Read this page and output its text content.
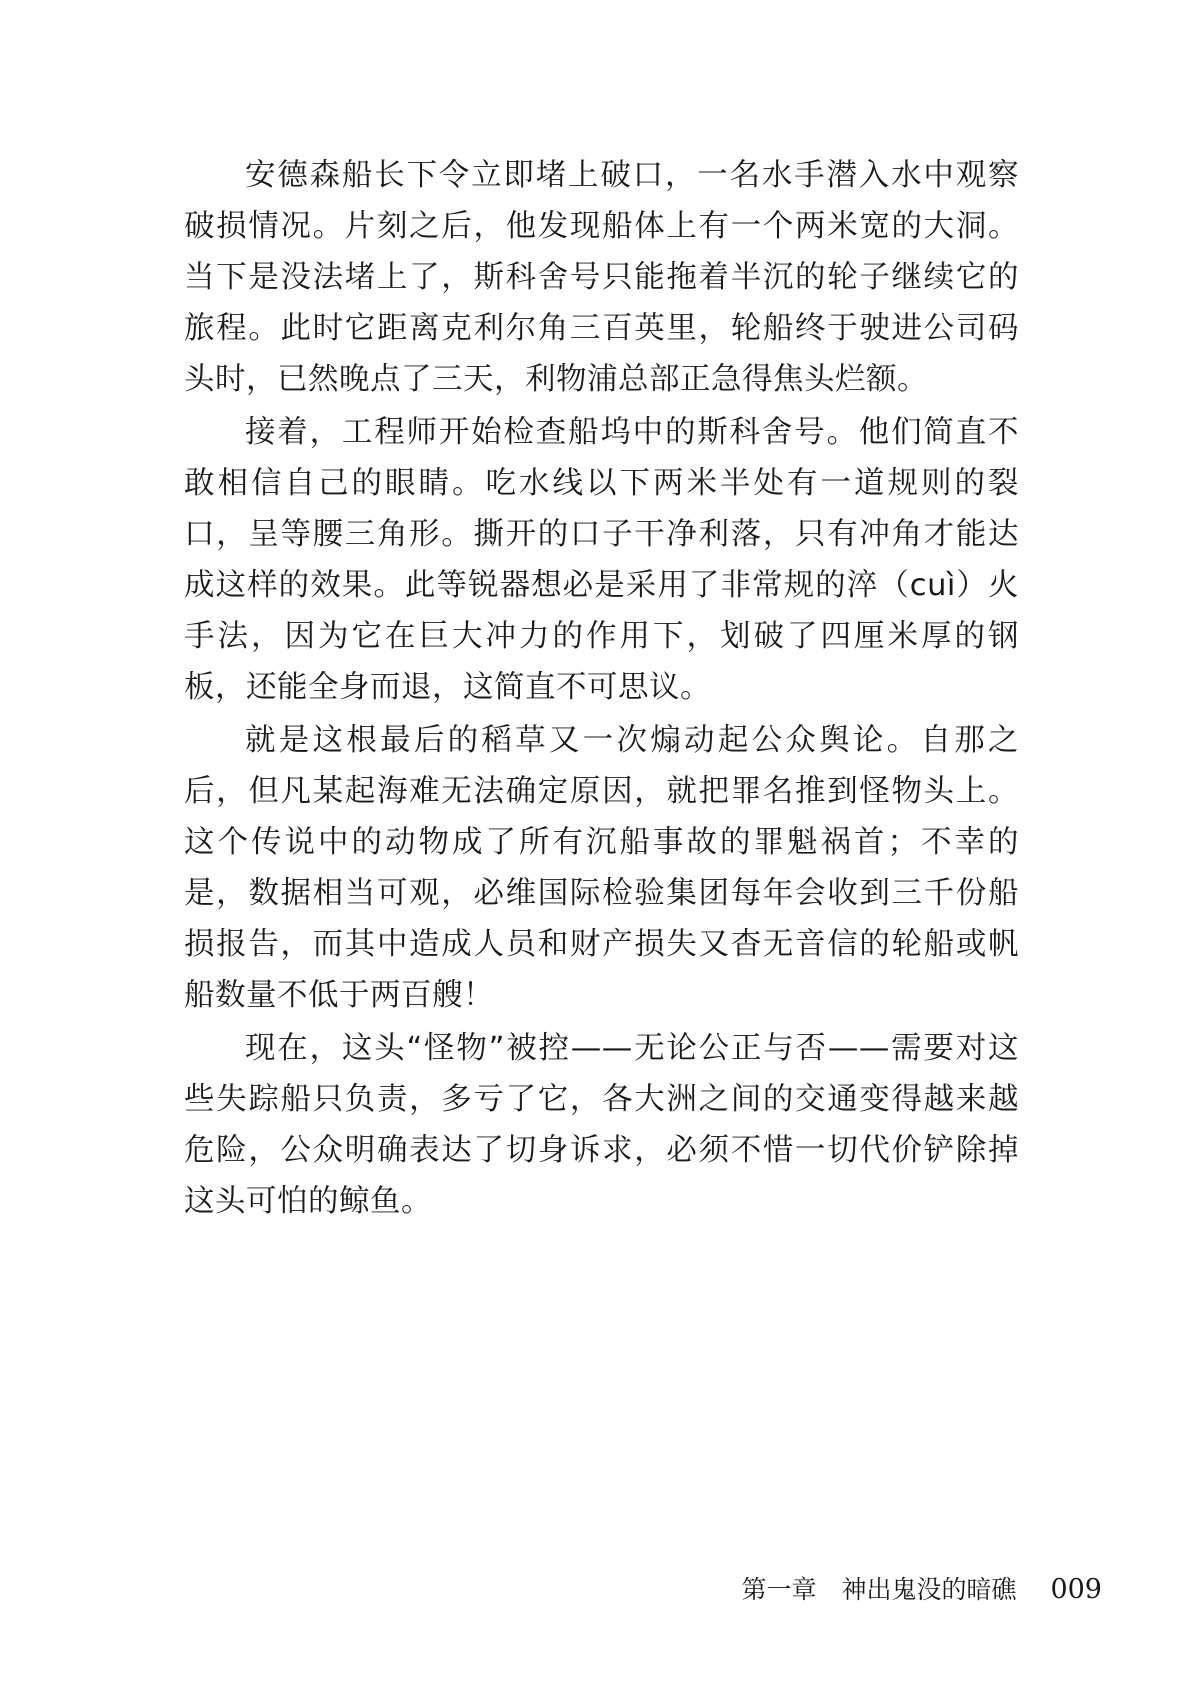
安德森船长下令立即堵上破口，一名水手潜入水中观察破损情况。片刻之后，他发现船体上有一个两米宽的大洞。当下是没法堵上了，斯科舍号只能拖着半沉的轮子继续它的旅程。此时它距离克利尔角三百英里，轮船终于驶进公司码头时，已然晚点了三天，利物浦总部正急得焦头烂额。

接着，工程师开始检查船坞中的斯科舍号。他们简直不敢相信自己的眼睛。吃水线以下两米半处有一道规则的裂口，呈等腰三角形。撕开的口子干净利落，只有冲角才能达成这样的效果。此等锐器想必是采用了非常规的淬（cuì）火手法，因为它在巨大冲力的作用下，划破了四厘米厚的钢板，还能全身而退，这简直不可思议。

就是这根最后的稻草又一次煽动起公众舆论。自那之后，但凡某起海难无法确定原因，就把罪名推到怪物头上。这个传说中的动物成了所有沉船事故的罪魁祸首；不幸的是，数据相当可观，必维国际检验集团每年会收到三千份船损报告，而其中造成人员和财产损失又杳无音信的轮船或帆船数量不低于两百艘！

现在，这头“怪物”被控——无论公正与否——需要对这些失踪船只负责，多亏了它，各大洲之间的交通变得越来越危险，公众明确表达了切身诉求，必须不惜一切代价铲除掉这头可怕的鲸鱼。

第一章　神出鬼没的暗礁 009
